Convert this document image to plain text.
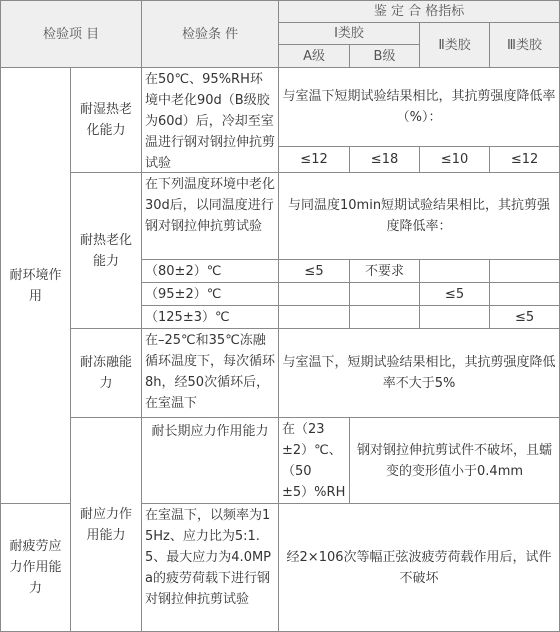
检验项 目		检验条 件	鉴 定 合 格指标			
			Ⅰ类胶		Ⅱ类胶	Ⅲ类胶
			A级	B级		
耐环境作用	耐湿热老化能力	在50℃、95%RH环境中老化90d（B级胶为60d）后，冷却至室温进行钢对钢拉伸抗剪试验	与室温下短期试验结果相比，其抗剪强度降低率（%）：			
			≤12	≤18	≤10	≤12
	耐热老化能力	在下列温度环境中老化30d后，以同温度进行钢对钢拉伸抗剪试验	与同温度10min短期试验结果相比，其抗剪强度降低率：			
		（80±2）℃	≤5	不要求		
		（95±2）℃			≤5	
		（125±3）℃				≤5
	耐冻融能力	在–25℃和35℃冻融循环温度下，每次循环8h，经50次循环后，在室温下	与室温下，短期试验结果相比，其抗剪强度降低率不大于5%			
	耐应力作用能力	耐长期应力作用能力	在（23±2）℃、（50±5）%RH	钢对钢拉伸抗剪试件不破坏，且蠕变的变形值小于0.4mm		
耐疲劳应力作用能力		在室温下，以频率为15Hz、应力比为5:1.5、最大应力为4.0MPa的疲劳荷载下进行钢对钢拉伸抗剪试验	经2×106次等幅正弦波疲劳荷载作用后，试件不破坏			
